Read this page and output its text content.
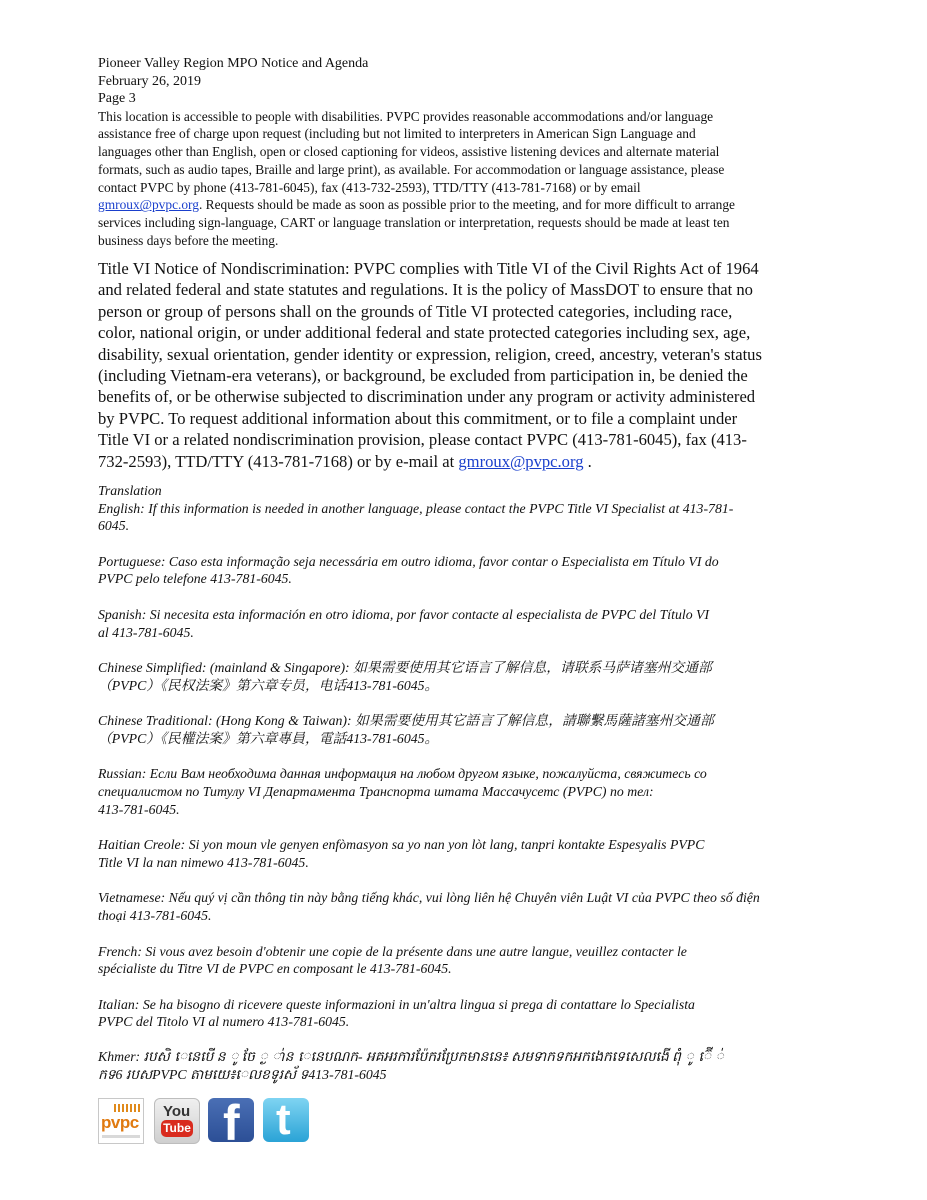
Pioneer Valley Region MPO Notice and Agenda
February 26, 2019
Page 3

This location is accessible to people with disabilities. PVPC provides reasonable accommodations and/or language
assistance free of charge upon request (including but not limited to interpreters in American Sign Language and
languages other than English, open or closed captioning for videos, assistive listening devices and alternate material
formats, such as audio tapes, Braille and large print), as available. For accommodation or language assistance, please
contact PVPC by phone (413-781-6045), fax (413-732-2593), TTD/TTY (413-781-7168) or by email
gmroux@pvpc.org. Requests should be made as soon as possible prior to the meeting, and for more difficult to arrange
services including sign-language, CART or language translation or interpretation, requests should be made at least ten
business days before the meeting.

Title VI Notice of Nondiscrimination: PVPC complies with Title VI of the Civil Rights Act of 1964
and related federal and state statutes and regulations. It is the policy of MassDOT to ensure that no
person or group of persons shall on the grounds of Title VI protected categories, including race,
color, national origin, or under additional federal and state protected categories including sex, age,
disability, sexual orientation, gender identity or expression, religion, creed, ancestry, veteran's status
(including Vietnam-era veterans), or background, be excluded from participation in, be denied the
benefits of, or be otherwise subjected to discrimination under any program or activity administered
by PVPC. To request additional information about this commitment, or to file a complaint under
Title VI or a related nondiscrimination provision, please contact PVPC (413-781-6045), fax (413-
732-2593), TTD/TTY (413-781-7168) or by e-mail at gmroux@pvpc.org .

Translation
English: If this information is needed in another language, please contact the PVPC Title VI Specialist at 413-781-
6045.
Portuguese: Caso esta informação seja necessária em outro idioma, favor contar o Especialista em Título VI do
PVPC pelo telefone 413-781-6045.
Spanish: Si necesita esta información en otro idioma, por favor contacte al especialista de PVPC del Título VI
al 413-781-6045.
Chinese Simplified: (mainland & Singapore): 如果需要使用其它语言了解信息，请联系马萨诸塞州交通部
（PVPC）《民权法案》第六章专员，电话413-781-6045。
Chinese Traditional: (Hong Kong & Taiwan): 如果需要使用其它語言了解信息，請聯繫馬薩諸塞州交通部
（PVPC）《民權法案》第六章專員，電話413-781-6045。
Russian: Если Вам необходима данная информация на любом другом языке, пожалуйста, свяжитесь со
специалистом по Титулу VI Департамента Транспорта штата Массачусетс (PVPC) по тел:
413-781-6045.
Haitian Creole: Si yon moun vle genyen enfòmasyon sa yo nan yon lòt lang, tanpri kontakte Espesyalis PVPC
Title VI la nan nimewo 413-781-6045.
Vietnamese: Nếu quý vị cần thông tin này bằng tiếng khác, vui lòng liên hệ Chuyên viên Luật VI của PVPC theo số điện
thoại 413-781-6045.
French: Si vous avez besoin d'obtenir une copie de la présente dans une autre langue, veuillez contacter le
spécialiste du Titre VI de PVPC en composant le 413-781-6045.
Italian: Se ha bisogno di ricevere queste informazioni in un'altra lingua si prega di contattare lo Specialista
PVPC del Titolo VI al numero 413-781-6045.
Khmer: របសិ េនេបើ ន ូ ចែ ្ង ា់ន េនេបណក- អគអរការប៉ែករប្រែកមាននេ៖ សមទាកទកអកងេកទេសេលងើ ព៉ំ ូ ៊ើ ់
កទ6 របសPVPC តាមយេ៖េលខទូរស័ ទ413-781-6045
pvpc
You
Tube f t
